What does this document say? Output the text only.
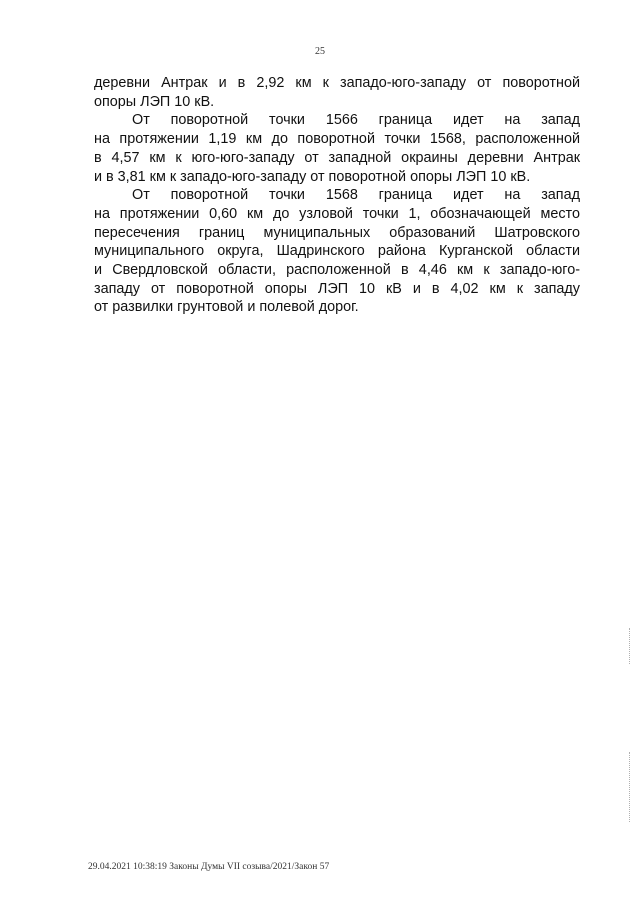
25
деревни Антрак и в 2,92 км к западо-юго-западу от поворотной
опоры ЛЭП 10 кВ.
От поворотной точки 1566 граница идет на запад
на протяжении 1,19 км до поворотной точки 1568, расположенной
в 4,57 км к юго-юго-западу от западной окраины деревни Антрак
и в 3,81 км к западо-юго-западу от поворотной опоры ЛЭП 10 кВ.
От поворотной точки 1568 граница идет на запад
на протяжении 0,60 км до узловой точки 1, обозначающей место
пересечения границ муниципальных образований Шатровского
муниципального округа, Шадринского района Курганской области
и Свердловской области, расположенной в 4,46 км к западо-юго-
западу от поворотной опоры ЛЭП 10 кВ и в 4,02 км к западу
от развилки грунтовой и полевой дорог.
29.04.2021 10:38:19 Законы Думы VII созыва/2021/Закон 57
